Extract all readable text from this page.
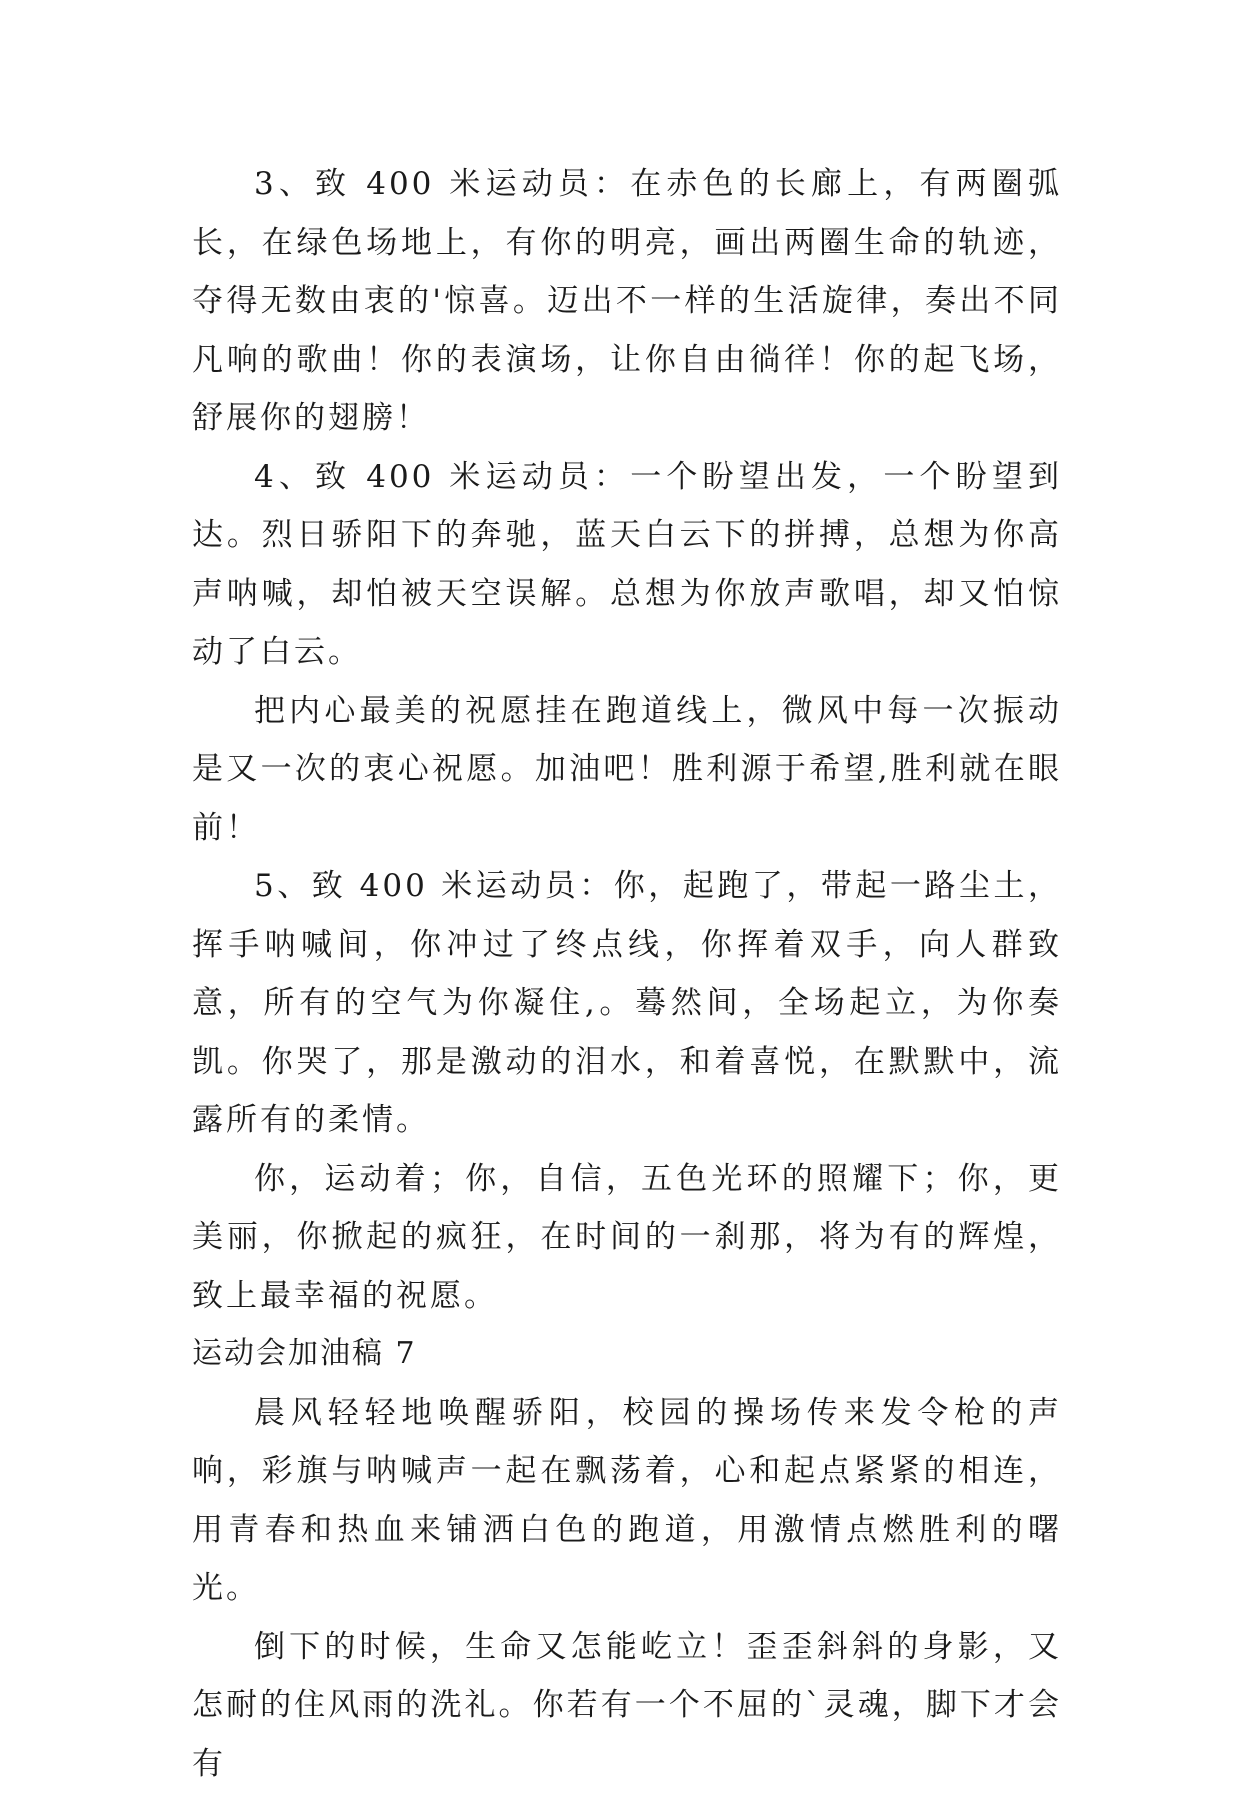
3、致 400 米运动员：在赤色的长廊上，有两圈弧长，在绿色场地上，有你的明亮，画出两圈生命的轨迹，夺得无数由衷的'惊喜。迈出不一样的生活旋律，奏出不同凡响的歌曲！你的表演场，让你自由徜徉！你的起飞场，舒展你的翅膀！

4、致 400 米运动员：一个盼望出发，一个盼望到达。烈日骄阳下的奔驰，蓝天白云下的拼搏，总想为你高声呐喊，却怕被天空误解。总想为你放声歌唱，却又怕惊动了白云。

把内心最美的祝愿挂在跑道线上，微风中每一次振动是又一次的衷心祝愿。加油吧！胜利源于希望,胜利就在眼前！

5、致 400 米运动员：你，起跑了，带起一路尘土，挥手呐喊间，你冲过了终点线，你挥着双手，向人群致意，所有的空气为你凝住,。蓦然间，全场起立，为你奏凯。你哭了，那是激动的泪水，和着喜悦，在默默中，流露所有的柔情。

你，运动着；你，自信，五色光环的照耀下；你，更美丽，你掀起的疯狂，在时间的一刹那，将为有的辉煌，致上最幸福的祝愿。

运动会加油稿 7

晨风轻轻地唤醒骄阳，校园的操场传来发令枪的声响，彩旗与呐喊声一起在飘荡着，心和起点紧紧的相连，用青春和热血来铺洒白色的跑道，用激情点燃胜利的曙光。

倒下的时候，生命又怎能屹立！歪歪斜斜的身影，又怎耐的住风雨的洗礼。你若有一个不屈的`灵魂，脚下才会有
